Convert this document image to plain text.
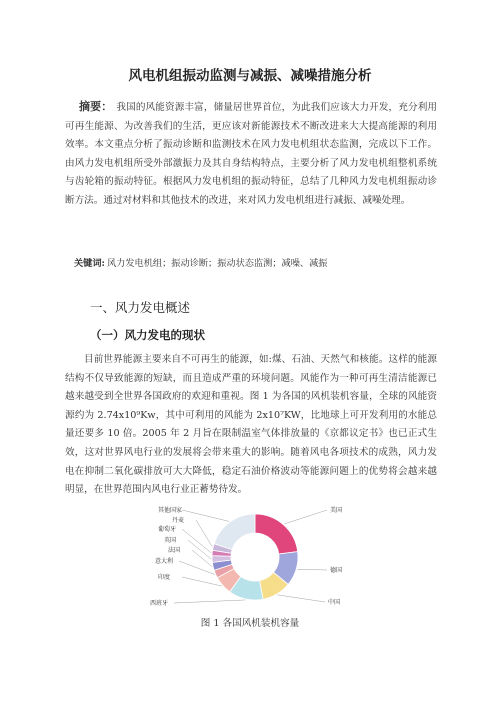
风电机组振动监测与减振、减噪措施分析
摘要： 我国的风能资源丰富，储量居世界首位，为此我们应该大力开发，充分利用可再生能源、为改善我们的生活，更应该对新能源技术不断改进来大大提高能源的利用效率。本文重点分析了振动诊断和监测技术在风力发电机组状态监测，完成以下工作。由风力发电机组所受外部激振力及其自身结构特点，主要分析了风力发电机组整机系统与齿轮箱的振动特征。根据风力发电机组的振动特征，总结了几种风力发电机组振动诊断方法。通过对材料和其他技术的改进，来对风力发电机组进行减振、减噪处理。
关键词: 风力发电机组；振动诊断；振动状态监测；减噪、减振
一、风力发电概述
（一）风力发电的现状
目前世界能源主要来自不可再生的能源，如:煤、石油、天然气和核能。这样的能源结构不仅导致能源的短缺，而且造成严重的环境问题。风能作为一种可再生清洁能源已越来越受到全世界各国政府的欢迎和重视。图 1 为各国的风机装机容量，全球的风能资源约为 2.74x10⁹Kw，其中可利用的风能为 2x10⁷KW，比地球上可开发利用的水能总量还要多 10 倍。2005 年 2 月旨在限制温室气体排放量的《京都议定书》也已正式生效，这对世界风电行业的发展将会带来重大的影响。随着风电各项技术的成熟，风力发电在抑制二氧化碳排放可大大降低，稳定石油价格波动等能源问题上的优势将会越来越明显，在世界范围内风电行业正蓄势待发。
美国
德国
中国
西班牙
印度
意大利
法国
英国
葡萄牙
丹麦
其他国家
图 1 各国风机装机容量
